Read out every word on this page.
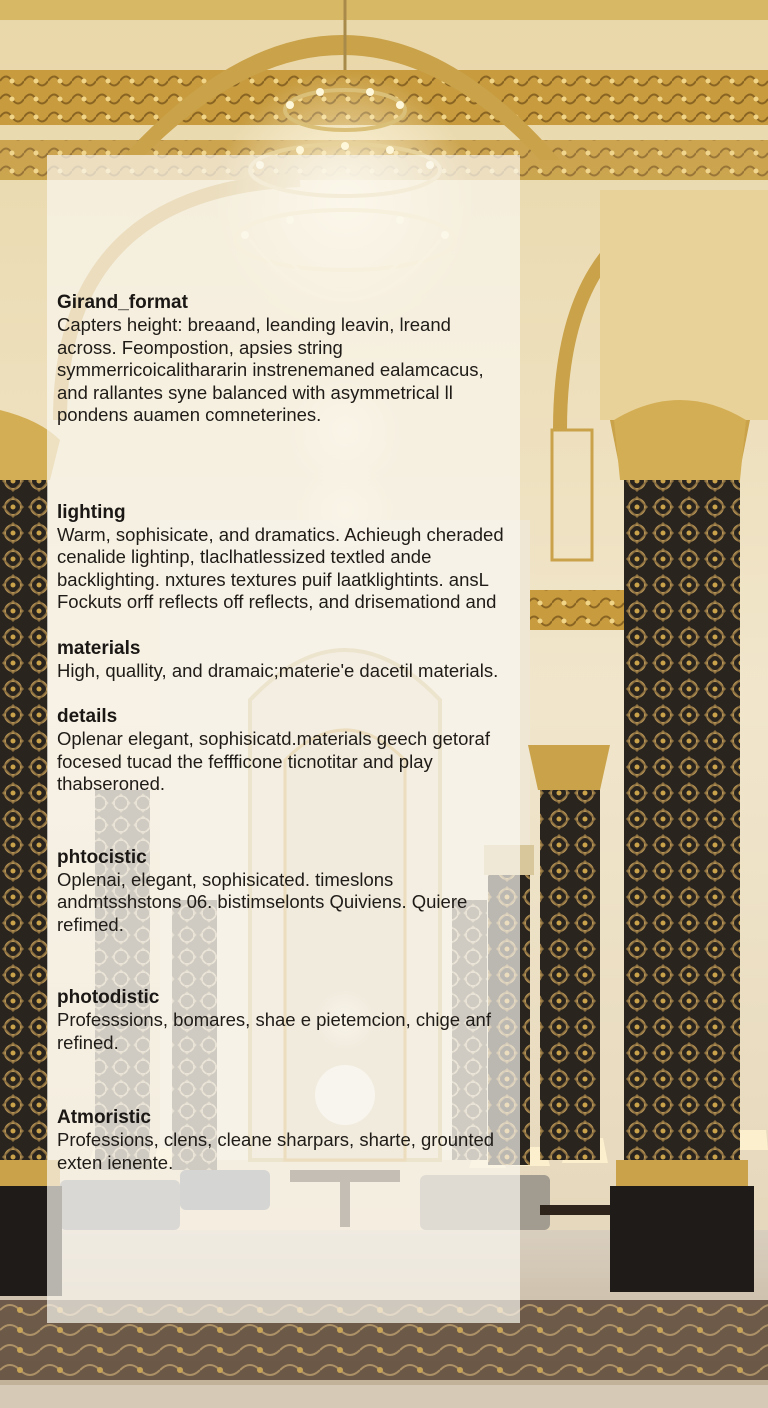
Girand_format

Capters height: breaand, leanding leavin, lreand across. Feompostion, apsies string symmerricoicalithararin instrenemaned ealamcacus, and rallantes syne balanced with asymmetrical ll pondens auamen comneterines.

lighting

Warm, sophisicate, and dramatics. Achieugh cheraded cenalide lightinp, tlaclhatlessized textled ande backlighting. nxtures textures puif laatklightints. ansL Fockuts orff reflects off reflects, and drisemationd and

materials

High, quallity, and dramaic;materie'e dacetil materials.

details

Oplenar elegant, sophisicatd.materials geech getoraf focesed tucad the feffficone ticnotitar and play thabseroned.

phtocistic

Oplenai, elegant, sophisicated. timeslons andmtsshstons 06. bistimselonts Quiviens. Quiere refimed.

photodistic

Professsions, bomares, shae e pietemcion, chige anf refined.

Atmoristic

Professions, clens, cleane sharpars, sharte, grounted exten ienente.
